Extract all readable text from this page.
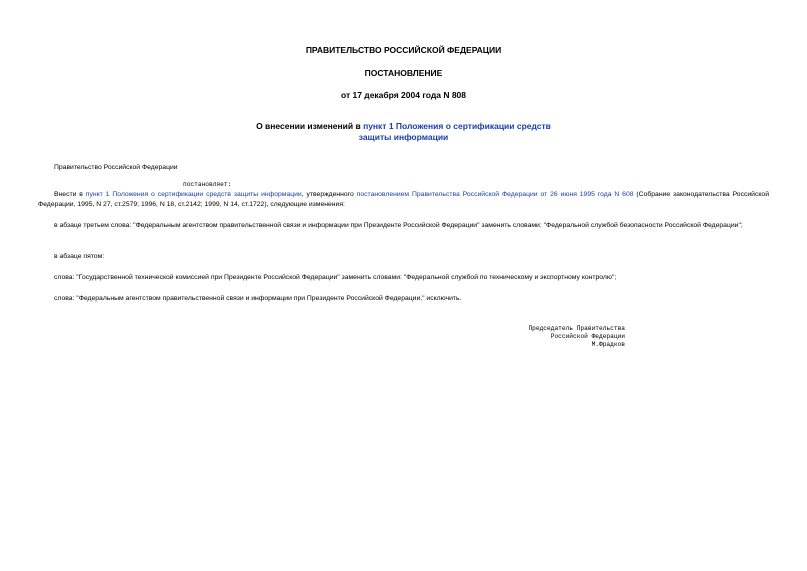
ПРАВИТЕЛЬСТВО РОССИЙСКОЙ ФЕДЕРАЦИИ

ПОСТАНОВЛЕНИЕ

от 17 декабря 2004 года N 808

О внесении изменений в пункт 1 Положения о сертификации средств

защиты информации

Правительство Российской Федерации

постановляет:

Внести в пункт 1 Положения о сертификации средств защиты информации, утвержденного постановлением Правительства Российской Федерации от 26 июня 1995 года N 608 (Собрание законодательства Российской Федерации, 1995, N 27, ст.2579; 1996, N 18, ст.2142; 1999, N 14, ст.1722), следующие изменения:

в абзаце третьем слова: "Федеральным агентством правительственной связи и информации при Президенте Российской Федерации" заменить словами: "Федеральной службой безопасности Российской Федерации";

в абзаце пятом:

слова: "Государственной технической комиссией при Президенте Российской Федерации" заменить словами: "Федеральной службой по техническому и экспортному контролю";

слова: "Федеральным агентством правительственной связи и информации при Президенте Российской Федерации," исключить.

Председатель Правительства

Российской Федерации

М.Фрадков
